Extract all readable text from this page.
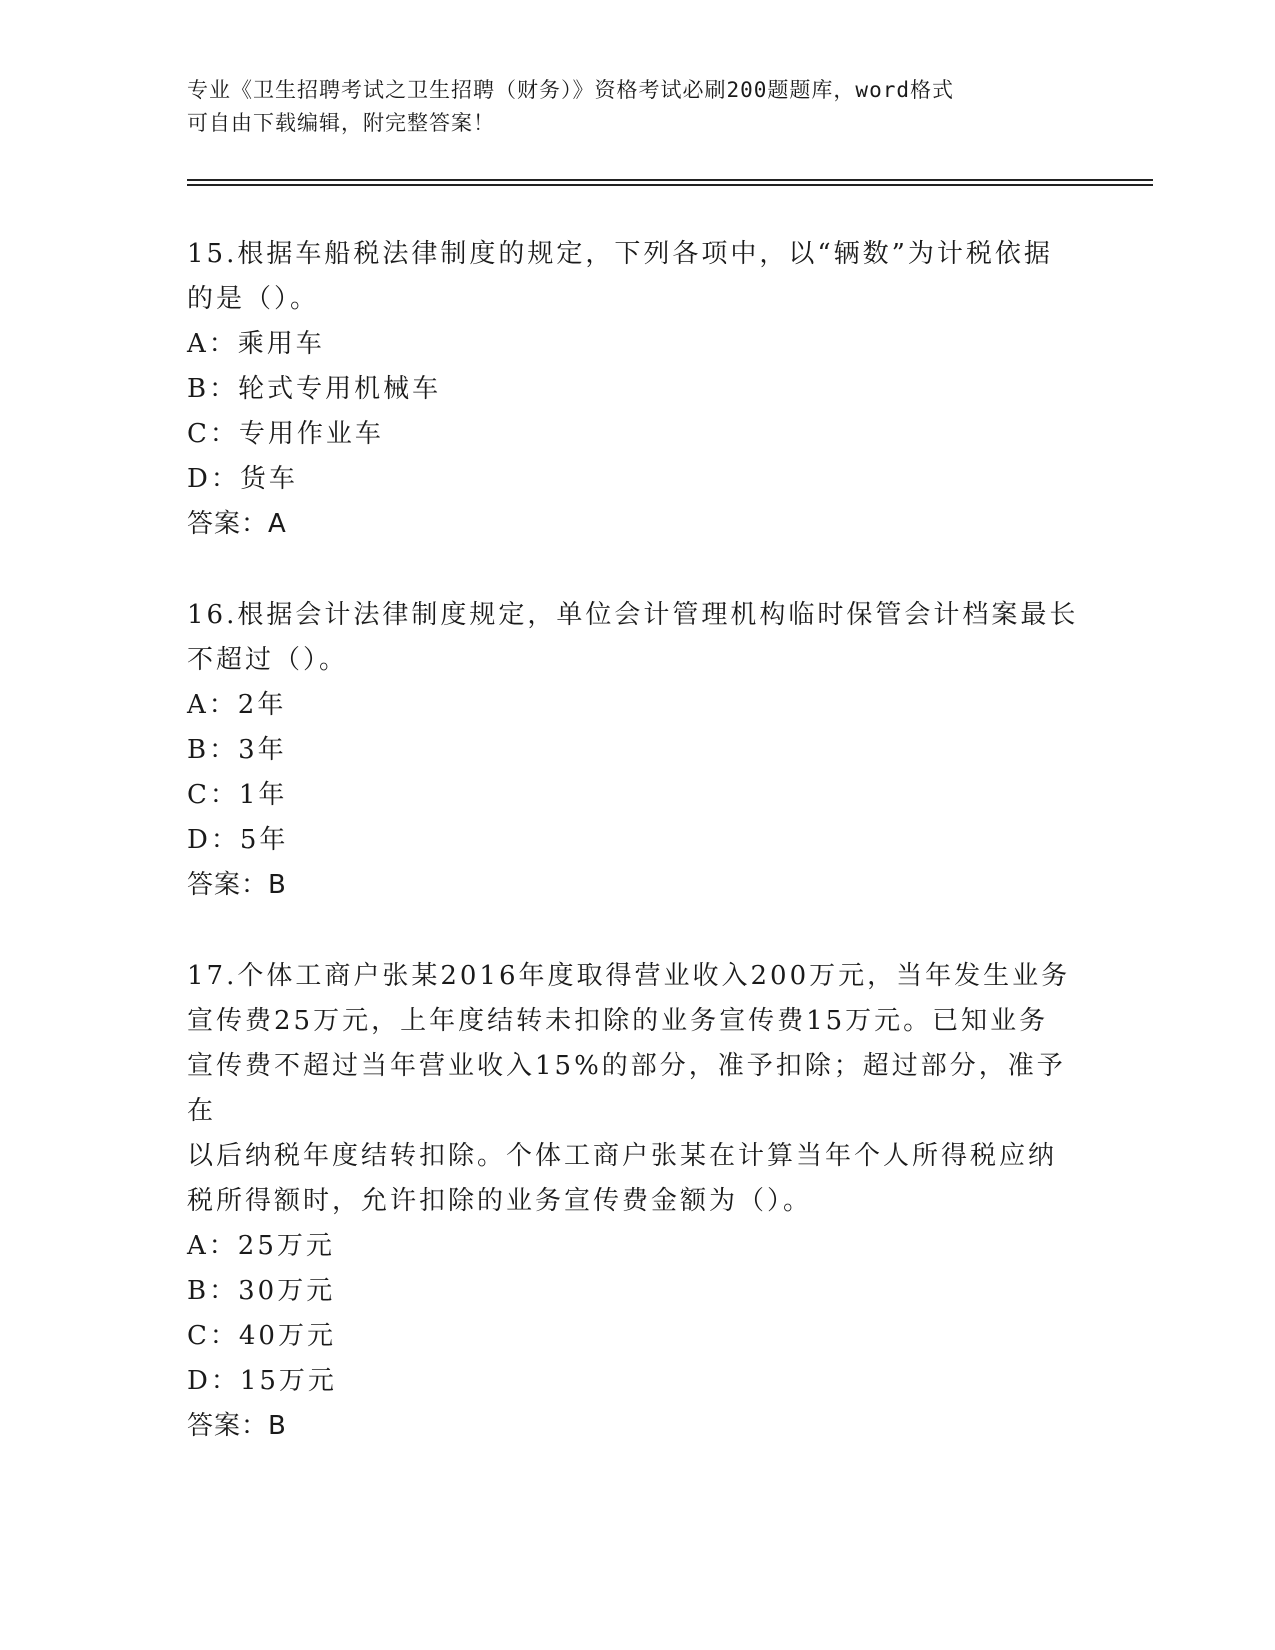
专业《卫生招聘考试之卫生招聘（财务）》资格考试必刷200题题库，word格式
可自由下载编辑，附完整答案！

15.根据车船税法律制度的规定，下列各项中，以“辆数”为计税依据

的是（）。

A：乘用车

B：轮式专用机械车

C：专用作业车

D：货车

答案：A

16.根据会计法律制度规定，单位会计管理机构临时保管会计档案最长

不超过（）。

A：2年

B：3年

C：1年

D：5年

答案：B

17.个体工商户张某2016年度取得营业收入200万元，当年发生业务

宣传费25万元，上年度结转未扣除的业务宣传费15万元。已知业务

宣传费不超过当年营业收入15%的部分，准予扣除；超过部分，准予在

以后纳税年度结转扣除。个体工商户张某在计算当年个人所得税应纳

税所得额时，允许扣除的业务宣传费金额为（）。

A：25万元

B：30万元

C：40万元

D：15万元

答案：B
